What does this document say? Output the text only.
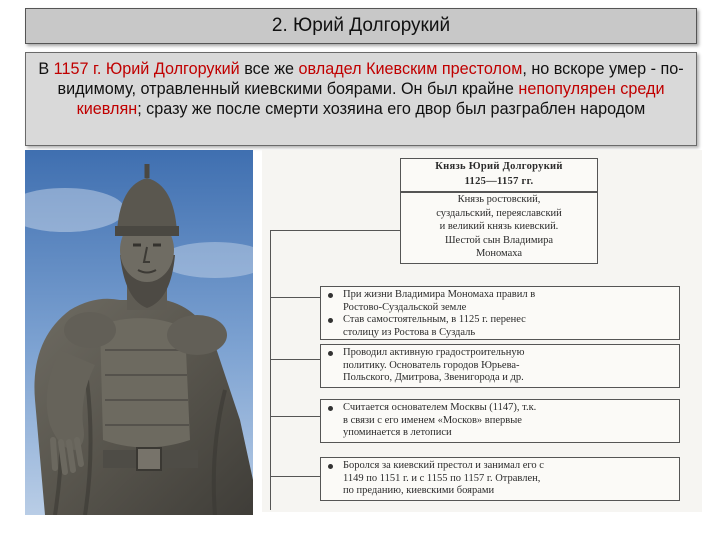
2. Юрий Долгорукий

В 1157 г. Юрий Долгорукий все же овладел Киевским престолом, но вскоре умер - по-видимому, отравленный киевскими боярами. Он был крайне непопулярен среди киевлян; сразу же после смерти хозяина его двор был разграблен народом

Князь Юрий Долгорукий
1125—1157 гг.
Князь ростовский,
суздальский, переяславский
и великий князь киевский.
Шестой сын Владимира
Мономаха

При жизни Владимира Мономаха правил в
Ростово-Суздальской земле

Став самостоятельным, в 1125 г. перенес
столицу из Ростова в Суздаль

Проводил активную градостроительную
политику. Основатель городов Юрьева-
Польского, Дмитрова, Звенигорода и др.

Считается основателем Москвы (1147), т.к.
в связи с его именем «Москов» впервые
упоминается в летописи

Боролся за киевский престол и занимал его с
1149 по 1151 г. и с 1155 по 1157 г. Отравлен,
по преданию, киевскими боярами
